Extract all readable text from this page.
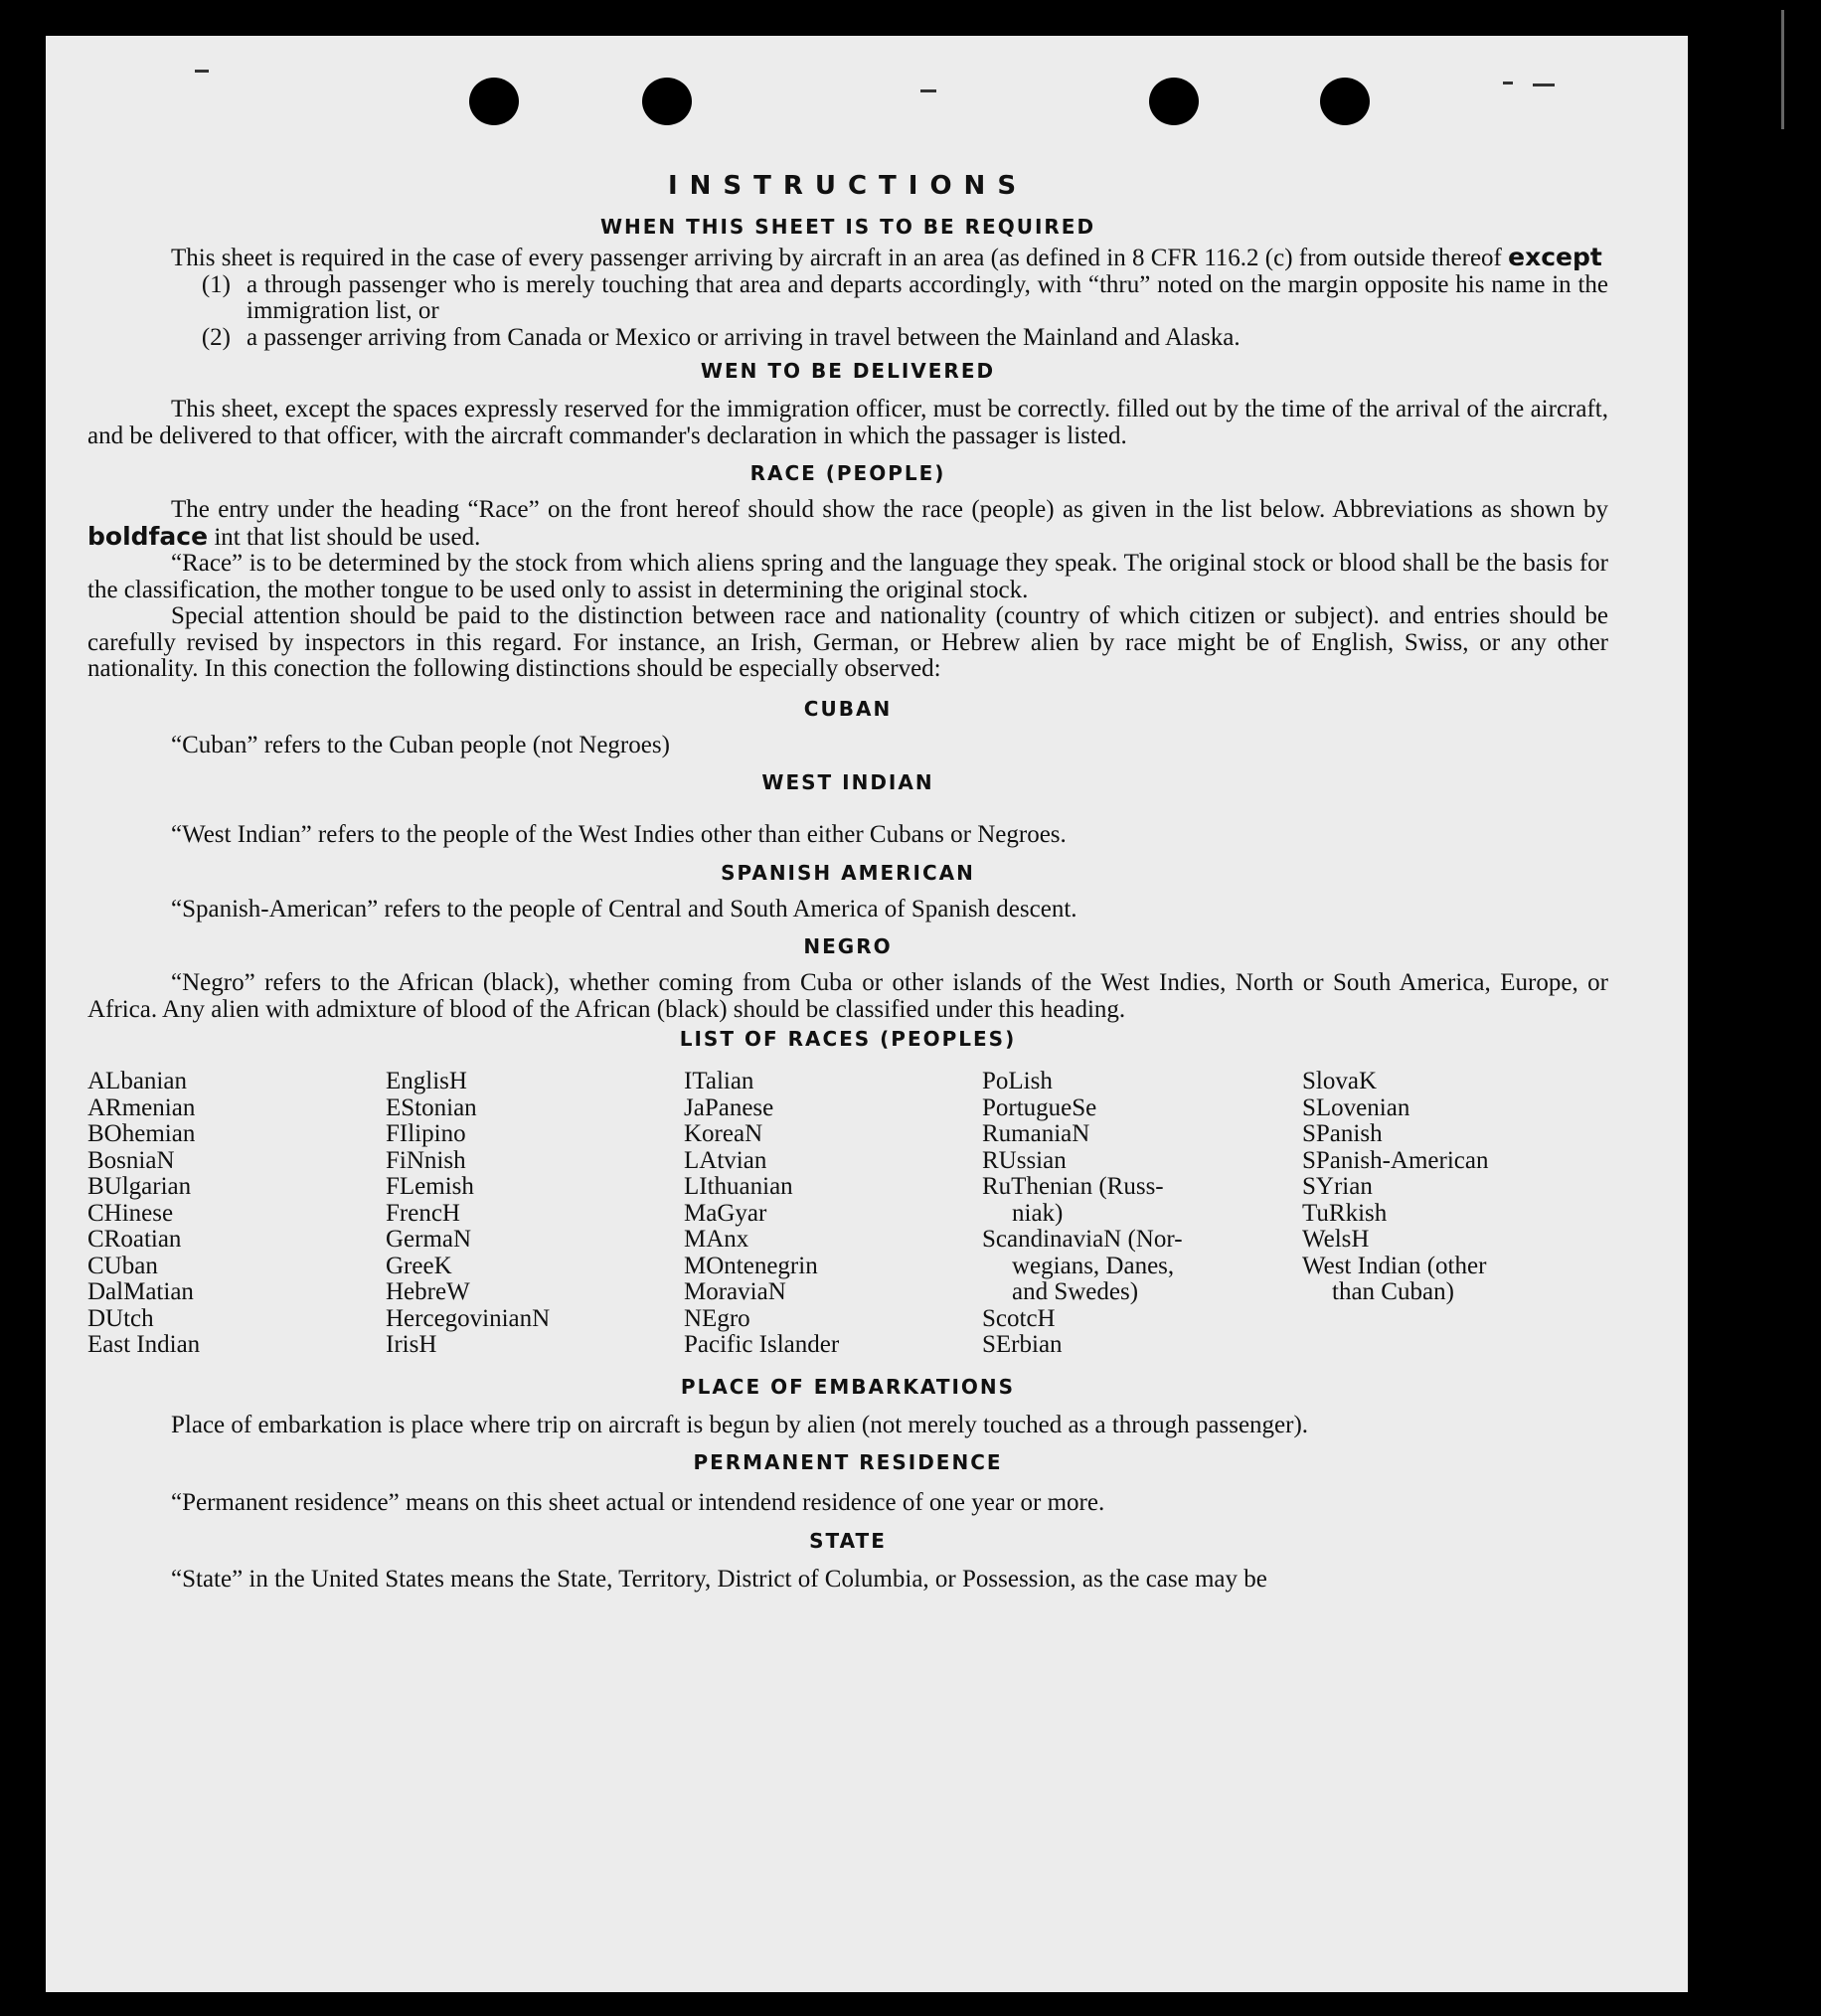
INSTRUCTIONS
WHEN THIS SHEET IS TO BE REQUIRED

This sheet is required in the case of every passenger arriving by aircraft in an area (as defined in 8 CFR 116.2 (c) from outside thereof except

(1) a through passenger who is merely touching that area and departs accordingly, with “thru” noted on the margin opposite his name in the immigration list, or
(2) a passenger arriving from Canada or Mexico or arriving in travel between the Mainland and Alaska.
WEN TO BE DELIVERED

This sheet, except the spaces expressly reserved for the immigration officer, must be correctly. filled out by the time of the arrival of the aircraft, and be delivered to that officer, with the aircraft commander's declaration in which the passager is listed.

RACE (PEOPLE)

The entry under the heading “Race” on the front hereof should show the race (people) as given in the list below. Abbreviations as shown by boldface int that list should be used.

“Race” is to be determined by the stock from which aliens spring and the language they speak. The original stock or blood shall be the basis for the classification, the mother tongue to be used only to assist in determining the original stock.

Special attention should be paid to the distinction between race and nationality (country of which citizen or subject). and entries should be carefully revised by inspectors in this regard. For instance, an Irish, German, or Hebrew alien by race might be of English, Swiss, or any other nationality. In this conection the following distinctions should be especially observed:

CUBAN

“Cuban” refers to the Cuban people (not Negroes)

WEST INDIAN

“West Indian” refers to the people of the West Indies other than either Cubans or Negroes.

SPANISH AMERICAN

“Spanish-American” refers to the people of Central and South America of Spanish descent.

NEGRO

“Negro” refers to the African (black), whether coming from Cuba or other islands of the West Indies, North or South America, Europe, or Africa. Any alien with admixture of blood of the African (black) should be classified under this heading.

LIST OF RACES (PEOPLES)
ALbanian
ARmenian
BOhemian
BosniaN
BUlgarian
CHinese
CRoatian
CUban
DalMatian
DUtch
East Indian
EnglisH
EStonian
FIlipino
FiNnish
FLemish
FrencH
GermaN
GreeK
HebreW
HercegovinianN
IrisH
ITalian
JaPanese
KoreaN
LAtvian
LIthuanian
MaGyar
MAnx
MOntenegrin
MoraviaN
NEgro
Pacific Islander
PoLish
PortugueSe
RumaniaN
RUssian
RuThenian (Russ-
niak)
ScandinaviaN (Nor-
wegians, Danes,
and Swedes)
ScotcH
SErbian
SlovaK
SLovenian
SPanish
SPanish-American
SYrian
TuRkish
WelsH
West Indian (other
than Cuban)
PLACE OF EMBARKATIONS

Place of embarkation is place where trip on aircraft is begun by alien (not merely touched as a through passenger).

PERMANENT RESIDENCE

“Permanent residence” means on this sheet actual or intendend residence of one year or more.

STATE

“State” in the United States means the State, Territory, District of Columbia, or Possession, as the case may be
